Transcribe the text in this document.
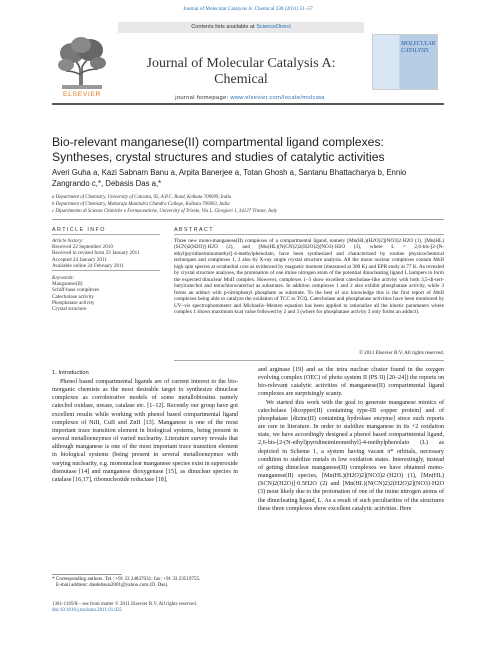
Journal of Molecular Catalysis A: Chemical 338 (2011) 51–57
Contents lists available at ScienceDirect
ELSEVIER
Journal of Molecular Catalysis A: Chemical
journal homepage: www.elsevier.com/locate/molcata
MOLECULAR CATALYSIS
Bio-relevant manganese(II) compartmental ligand complexes: Syntheses, crystal structures and studies of catalytic activities
Averi Guha a, Kazi Sabnam Banu a, Arpita Banerjee a, Totan Ghosh a, Santanu Bhattacharya b, Ennio Zangrando c,*, Debasis Das a,*
a Department of Chemistry, University of Calcutta, 92, A.P.C. Road, Kolkata 700009, India
b Department of Chemistry, Maharaja Manindra Chandra College, Kolkata 700003, India
c Dipartimento di Scienze Chimiche e Farmaceutiche, University of Trieste, Via L. Giorgieri 1, 34127 Trieste, Italy
ARTICLE INFO	ABSTRACT
Article history:
Received 22 September 2010
Received in revised form 23 January 2011
Accepted 24 January 2011
Available online 24 February 2011
Keywords:
Manganese(II)
Schiff-base complexes
Catecholase activity
Phosphatase activity
Crystal structure
Three new mono-manganese(II) complexes of a compartmental ligand, namely [Mn(HL)(H2O)2](NO3)2·H2O (1), [Mn(HL)(SCN)2(H2O)]·H2O (2), and [Mn(HL)(N(CN)2)2(H2O)2](NO3)·H2O (3), where L = 2,6-bis-[2-(N-ethyl)pyridineiminomethyl]-4-methylphenolato, have been synthesized and characterized by routine physicochemical techniques and complexes 1, 2 also by X-ray single crystal structure analysis. All the mono nuclear complexes contain MnII high spin species at octahedral core as evidenced by magnetic moment (measured at 300 K) and EPR study at 77 K. As revealed by crystal structure analyses, the protonation of one imine nitrogen atom of the potential dinucleating ligand L hampers to form the expected dinuclear MnII complex. However, complexes 1–3 show excellent catecholase-like activity with both 3,5-di-tert-butylcatechol and tetrachlorocatechol as substrates. In addition complexes 1 and 2 also exhibit phosphatase activity, while 3 forms an adduct with p-nitrophenyl phosphate as substrate. To the best of our knowledge this is the first report of MnII complexes being able to catalyze the oxidation of TCC to TCQ. Catecholase and phosphatase activities have been monitored by UV–vis spectrophotometer and Michaelis–Menten equation has been applied to rationalize all the kinetic parameters where complex 1 shows maximum kcat value followed by 2 and 3 (where for phosphatase activity 3 only forms an adduct).
© 2011 Elsevier B.V. All rights reserved.
1. Introduction

Phenol based compartmental ligands are of current interest to the bio-inorganic chemists as the most desirable target to synthesize dinuclear complexes as corroborative models of some metallobiosites namely catechol oxidase, urease, catalase etc. [1–12]. Recently our group have got excellent results while working with phenol based compartmental ligand complexes of NiII, CuII and ZnII [13]. Manganese is one of the most important trace transition element in biological systems, being present in several metalloenzymes of varied nuclearity. Literature survey reveals that although manganese is one of the most important trace transition element in biological systems (being present in several metalloenzymes with varying nuclearity, e.g. mononuclear manganese species exist in superoxide dismutase [14] and manganese dioxygenase [15], as dinuclear species in catalase [16,17], ribonucleotide reductase [18],

and arginase [19] and as the tetra nuclear cluster found in the oxygen evolving complex (OEC) of photo system II (PS II) [20–24]) the reports on bio-relevant catalytic activities of manganese(II) compartmental ligand complexes are surprisingly scanty.

We started this work with the goal to generate manganese mimics of catecholase [dicopper(II) containing type-III copper protein] and of phosphatase [dizinc(II) containing hydrolase enzyme] since such reports are rare in literature. In order to stabilize manganese in its +2 oxidation state, we have accordingly designed a phenol based compartmental ligand, 2,6-bis-[2-(N-ethyl)pyridineiminomethyl]-4-methylphenolato (L) as depicted in Scheme 1, a system having vacant π* orbitals, necessary condition to stabilize metals in low oxidation states. Interestingly, instead of getting dinuclear manganese(II) complexes we have obtained mono-manganese(II) species, [Mn(HL)(H2O)2](NO3)2·(H2O) (1), [Mn(HL)(SCN)2(H2O)]·0.5H2O (2) and [Mn(HL)(N(CN)2)2(H2O)2](NO3)·H2O (3) most likely due to the protonation of one of the imine nitrogen atoms of the dinucleating ligand, L. As a result of such peculiarities of the structures these three complexes show excellent catalytic activities. Here

* Corresponding authors. Tel.: +91 33 24837031; fax: +91 33 23519755.
E-mail address: dasdebasis2001@yahoo.com (D. Das).
1381-1169/$ – see front matter © 2011 Elsevier B.V. All rights reserved.
doi:10.1016/j.molcata.2011.01.025
